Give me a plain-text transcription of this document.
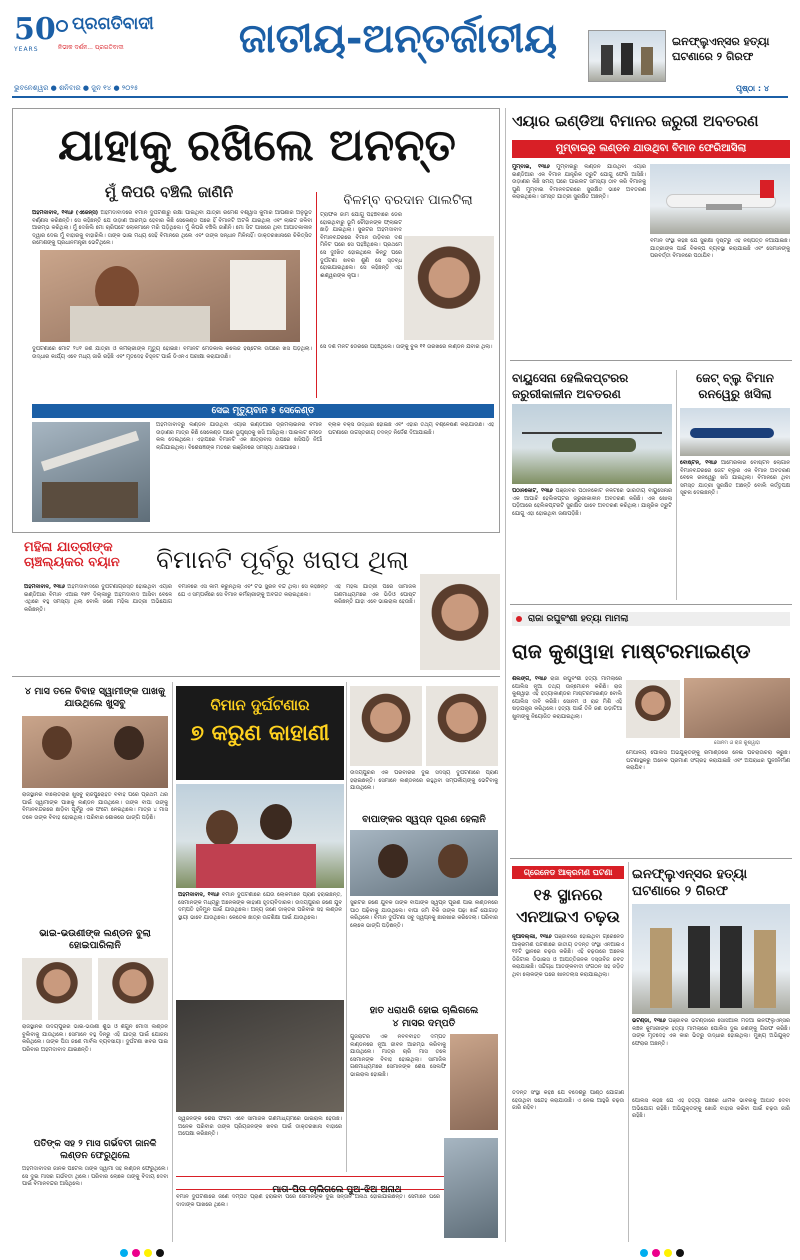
50
YEARS
ପ୍ରଗତିବାଦୀ
ନିଭୀକ ଦର୍ଶନ... ପ୍ରଗତିବାଦୀ	ଜାତୀୟ-ଅନ୍ତର୍ଜାତୀୟ	ଇନଫ୍ଲୁଏନ୍ସର ହତ୍ୟା ଘଟଣାରେ ୨ ଗିରଫ
ଭୁବନେଶ୍ୱର ● ଶନିବାର ● ଜୁନ ୧୪ ● ୨୦୨୫	ପୃଷ୍ଠା : ୪
ଯାହାକୁ ରଖିଲେ ଅନନ୍ତ
ମୁଁ କିପରି ବଞ୍ଚିଲି ଜାଣିନି
ଅହମଦାବାଦ, ୧୩ା୬ (ଏଜେନ୍ସି) ଅହମଦାବାଦରେ ବିମାନ ଦୁର୍ଘଟଣାରୁ ରକ୍ଷା ପାଇଥିବା ଯାତ୍ରୀ ରମେଶ ବିଶ୍ୱାସ କୁମାର ଆପଣାର ଅନୁଭୂତି ବର୍ଣ୍ଣନା କରିଛନ୍ତି। ସେ କହିଛନ୍ତି ଯେ ଉଡ଼ାଣ ଆରମ୍ଭ ହେବାର କିଛି ସେକେଣ୍ଡ ପରେ ହିଁ ବିମାନଟି ଅଟକି ଯାଇଥିଲା ଏବଂ ଲାଇଟ ଜଳିବା ଆରମ୍ଭ କରିଥିଲା। ମୁଁ ଦେଖିଲି ମୋ ଚାରିପଟେ ଲୋକମାନେ ମରି ପଡ଼ିଥିଲେ। ମୁଁ କିପରି ବଞ୍ଚିଲି ଜାଣିନି। ମୋ ସିଟ ପାଖରେ ଥିବା ଆପାତକାଳୀନ ଦ୍ୱାର ଦେଇ ମୁଁ ବାହାରକୁ ବାହାରିଲି। ତାଙ୍କ ଭାଇ ମଧ୍ୟ ସେହି ବିମାନରେ ଥିଲେ ଏବଂ ତାଙ୍କ ସନ୍ଧାନ ମିଳିନାହିଁ। ଡାକ୍ତରଖାନାରେ ଚିକିତ୍ସିତ ରମେଶଙ୍କୁ ପ୍ରଧାନମନ୍ତ୍ରୀ ଭେଟିଥିଲେ।
ଦୁର୍ଘଟଣାରେ ମୋଟ ୨୪୧ ଜଣ ଯାତ୍ରୀ ଓ କର୍ମଚାରୀଙ୍କ ମୃତ୍ୟୁ ହୋଇଛି। ବିମାନଟି ମେଡିକାଲ କଲେଜ ହଷ୍ଟେଲ ଉପରେ ଖସି ପଡ଼ିଥିଲା। ଉଦ୍ଧାର କାର୍ଯ୍ୟ ଏବେ ମଧ୍ୟ ଜାରି ରହିଛି ଏବଂ ମୃତଦେହ ଚିହ୍ନଟ ପାଇଁ ଡିଏନଏ ପରୀକ୍ଷା କରାଯାଉଛି।
ବିଳମ୍ବ ବରଦାନ ପାଲଟିଲା
ଟ୍ରାଫିକ ଜାମ ଯୋଗୁ ପହଞ୍ଚିବାରେ ଡେରି ହୋଇଥିବାରୁ ଭୂମି ଚୌହାନଙ୍କ ଫ୍ଲାଇଟ ଛାଡ଼ି ଯାଇଥିଲା। ସୁରଟର ଅହମଦାବାଦ ବିମାନବନ୍ଦରରେ ବିମାନ ଉଡ଼ିବାର ଦଶ ମିନିଟ ପରେ ସେ ପହଞ୍ଚିଥିଲେ। ପ୍ରଥମେ ସେ ଦୁଃଖିତ ହୋଇଥିଲେ କିନ୍ତୁ ପରେ ଦୁର୍ଘଟଣା ଖବର ଶୁଣି ସେ ସ୍ତବ୍ଧ ହୋଇଯାଇଥିଲେ। ସେ କହିଛନ୍ତି ଏହା ଈଶ୍ୱରଙ୍କ କୃପା।
ସେ ଦଶ ମିନିଟ ଡେରିରେ ପହଞ୍ଚିଥିଲେ। ତାଙ୍କୁ ବୁକ ୧୧ ତାରିଖରେ ଲଣ୍ଡନ ଯିବାର ଥିଲା।
ସେଇ ମୃତ୍ୟୁବାନ ୫ ସେକେଣ୍ଡ
ଅହମଦାବାଦରୁ ଲଣ୍ଡନ ଯାଉଥିବା ଏୟାର ଇଣ୍ଡିଆର ଡ୍ରିମଲାଇନର ବିମାନ ଉଡ଼ାଣର ମାତ୍ର କିଛି ସେକେଣ୍ଡ ପରେ ଭୂପୃଷ୍ଠକୁ ଖସି ଆସିଥିଲା। ପାଇଲଟ ମେଡେ କଲ ଦେଇଥିଲେ। ଏହାପରେ ବିମାନଟି ଏକ ଛାତ୍ରାବାସ ଉପରେ ଖସିପଡ଼ି ନିଆଁ ଲାଗିଯାଇଥିଲା। ବିଶେଷଜ୍ଞଙ୍କ ମତରେ ଇଞ୍ଜିନରେ ସମସ୍ୟା ଥାଇପାରେ।
ବ୍ଲାକ ବକ୍ସ ଉଦ୍ଧାର ହୋଇଛି ଏବଂ ଏହାର ତଥ୍ୟ ବିଶ୍ଳେଷଣ କରାଯାଉଛି। ଏହି ଘଟଣାରେ ଉଚ୍ଚସ୍ତରୀୟ ତଦନ୍ତ ନିର୍ଦ୍ଦେଶ ଦିଆଯାଇଛି।
ମହିଳା ଯାତ୍ରୀଙ୍କ
ଚାଞ୍ଚଲ୍ୟକର ବୟାନ	ବିମାନଟି ପୂର୍ବରୁ ଖରାପ ଥିଲା
ଅହମଦାବାଦ, ୧୩ା୬ ଅହମଦାବାଦରେ ଦୁର୍ଘଟଣାଗ୍ରସ୍ତ ହୋଇଥିବା ଏୟାର ଇଣ୍ଡିଆର ବିମାନ ଏଆଇ ୧୭୧ ଦିଲ୍ଲୀରୁ ଅହମଦାବାଦ ଆସିବା ବେଳେ ଏଥିରେ ବହୁ ସମସ୍ୟା ଥିଲା ବୋଲି ଜଣେ ମହିଳା ଯାତ୍ରୀ ଅଭିଯୋଗ କରିଛନ୍ତି।
ବିମାନରେ ଏସି କାମ କରୁନଥିଲା ଏବଂ ଟିଭି ସ୍କ୍ରିନ ବନ୍ଦ ଥିଲା। ସେ କହିଛନ୍ତି ଯେ ଏ ସମ୍ପର୍କରେ ସେ ବିମାନ କର୍ମଚାରୀଙ୍କୁ ଅବଗତ କରାଇଥିଲେ।
ଏହି ମହିଳା ଯାତ୍ରୀ ପରେ ସାମାଜିକ ଗଣମାଧ୍ୟମରେ ଏକ ଭିଡିଓ ପୋଷ୍ଟ କରିଛନ୍ତି ଯାହା ଏବେ ଭାଇରାଲ ହେଉଛି।
୪ ମାସ ତଳେ ବିବାହ ସ୍ୱାମୀଙ୍କ ପାଖକୁ ଯାଉଥିଲେ ଖୁସବୁ
ରାଜସ୍ଥାନର ବାଲୋତରାର ଖୁସବୁ ରାଜପୁରୋହିତ ବିବାହ ପରେ ପ୍ରଥମ ଥର ପାଇଁ ସ୍ୱାମୀଙ୍କ ପାଖକୁ ଲଣ୍ଡନ ଯାଉଥିଲେ। ତାଙ୍କ ବାପା ତାଙ୍କୁ ବିମାନବନ୍ଦରରେ ଛାଡ଼ିବା ପୂର୍ବରୁ ଏକ ଫଟୋ ନେଇଥିଲେ। ମାତ୍ର ୪ ମାସ ତଳେ ତାଙ୍କ ବିବାହ ହୋଇଥିଲା। ପରିବାର ଶୋକରେ ଭାଙ୍ଗି ପଡ଼ିଛି।
ଭାଇ-ଭଉଣୀଙ୍କ ଲଣ୍ଡନ ବୁଲା ହୋଇପାରିଲାନି
ରାଜସ୍ଥାନର ଉଦୟପୁରର ଭାଇ-ଭଉଣୀ ଶୁଭ ଓ ଶଗୁନ ମୋଦୀ ଲଣ୍ଡନ ବୁଲିବାକୁ ଯାଉଥିଲେ। ସେମାନେ ବହୁ ଦିନରୁ ଏହି ଯାତ୍ରା ପାଇଁ ଯୋଜନା କରିଥିଲେ। ତାଙ୍କ ପିତା ଜଣେ ମାର୍ବଲ ବ୍ୟବସାୟୀ। ଦୁର୍ଘଟଣା ଖବର ପାଇ ପରିବାର ଅହମଦାବାଦ ଯାଇଛନ୍ତି।
ପତିଙ୍କ ସହ ୨ ମାସ ଗର୍ଭବତୀ ଜାନକି ଲଣ୍ଡନ ଫେରୁଥିଲେ
ଅହମଦାବାଦର ଜାନକି ପଟେଲ ତାଙ୍କ ସ୍ୱାମୀ ସହ ଲଣ୍ଡନ ଫେରୁଥିଲେ। ସେ ଦୁଇ ମାସର ଗର୍ଭବତୀ ଥିଲେ। ପରିବାର ଲୋକେ ତାଙ୍କୁ ବିଦାୟ ଦେବା ପାଇଁ ବିମାନବନ୍ଦର ଆସିଥିଲେ।
ବିମାନ ଦୁର୍ଘଟଣାର
୭ କରୁଣ କାହାଣୀ
ଅହମଦାବାଦ, ୧୩ା୬ ବିମାନ ଦୁର୍ଘଟଣାରେ ଯେଉଁ ଲୋକମାନେ ପ୍ରାଣ ହରାଇଛନ୍ତି, ସେମାନଙ୍କ ମଧ୍ୟରୁ ଅନେକଙ୍କ କାହାଣୀ ହୃଦୟବିଦାରକ। ଉଦୟପୁରର ଜଣେ ଯୁବ ଦମ୍ପତି ହନିମୁନ ପାଇଁ ଯାଉଥିଲେ। ଅନ୍ୟ ଜଣେ ଡାକ୍ତର ପରିବାର ସହ ଲଣ୍ଡନ ସ୍ଥାୟୀ ଭାବେ ଯାଉଥିଲେ। କେତେକ ଛାତ୍ର ଉଚ୍ଚଶିକ୍ଷା ପାଇଁ ଯାଉଥିଲେ।
ସ୍ୱଜନଙ୍କ ଶେଷ ଫଟୋ ଏବେ ସାମାଜିକ ଗଣମାଧ୍ୟମରେ ଭାଇରାଲ ହେଉଛି। ଅନେକ ପରିବାର ତାଙ୍କ ପ୍ରିୟଜନଙ୍କ ଖବର ପାଇଁ ଡାକ୍ତରଖାନା ବାହାରେ ଅପେକ୍ଷା କରିଛନ୍ତି।
ଉଦୟପୁରର ଏକ ପରିବାରର ଦୁଇ ସଦସ୍ୟ ଦୁର୍ଘଟଣାରେ ପ୍ରାଣ ହରାଇଛନ୍ତି। ସେମାନେ ଲଣ୍ଡନରେ ରହୁଥିବା ସମ୍ପର୍କୀୟଙ୍କୁ ଭେଟିବାକୁ ଯାଉଥିଲେ।
ବାପାଙ୍କର ସ୍ୱପ୍ନ ପୂରଣ ହେଲାନି
ସୁରଟର ଜଣେ ଯୁବକ ତାଙ୍କ ବାପାଙ୍କ ସ୍ୱପ୍ନ ପୂରଣ ପାଇଁ ଲଣ୍ଡନରେ ପାଠ ପଢ଼ିବାକୁ ଯାଉଥିଲେ। ବାପା ଜମି ବିକି ତାଙ୍କ ପଢ଼ା ଖର୍ଚ୍ଚ ଯୋଗାଡ଼ କରିଥିଲେ। ବିମାନ ଦୁର୍ଘଟଣା ସବୁ ସ୍ୱପ୍ନକୁ ଛାରଖାର କରିଦେଲା। ପରିବାର ଲୋକେ ଭାଙ୍ଗି ପଡ଼ିଛନ୍ତି।
ହାତ ଧରାଧରି ହୋଇ ଚାଲିଗଲେ
୪ ମାସର ଦମ୍ପତି
ଗୁଜରାଟର ଏକ ନବବିବାହିତ ଦମ୍ପତି ଲଣ୍ଡନରେ ନୂଆ ଜୀବନ ଆରମ୍ଭ କରିବାକୁ ଯାଉଥିଲେ। ମାତ୍ର ଚାରି ମାସ ତଳେ ସେମାନଙ୍କ ବିବାହ ହୋଇଥିଲା। ସାମାଜିକ ଗଣମାଧ୍ୟମରେ ସେମାନଙ୍କ ଶେଷ ସେଲଫି ଭାଇରାଲ ହୋଇଛି।
ମାତା-ପିତା ଚାଲିଗଲେ ପୁଅ-ଝିଅ ଅନାଥ
ବିମାନ ଦୁର୍ଘଟଣାରେ ଜଣେ ଦମ୍ପତି ପ୍ରାଣ ହରାଇବା ପରେ ସେମାନଙ୍କ ଦୁଇ ସନ୍ତାନ ଅନାଥ ହୋଇଯାଇଛନ୍ତି। ସେମାନେ ଘରେ ଦାଦାଙ୍କ ପାଖରେ ଥିଲେ।
ଏୟାର ଇଣ୍ଡିଆ ବିମାନର ଜରୁରୀ ଅବତରଣ
ମୁମ୍ବାଇରୁ ଲଣ୍ଡନ ଯାଉଥିବା ବିମାନ ଫେରିଆସିଲା
ମୁମ୍ବାଇ, ୧୩ା୬ ମୁମ୍ବାଇରୁ ଲଣ୍ଡନ ଯାଉଥିବା ଏୟାର ଇଣ୍ଡିଆର ଏକ ବିମାନ ଯାନ୍ତ୍ରିକ ତ୍ରୁଟି ଯୋଗୁ ଫେରି ଆସିଛି। ଉଡ଼ାଣର କିଛି ସମୟ ପରେ ପାଇଲଟ ସମସ୍ୟା ଠାବ କରି ବିମାନକୁ ପୁଣି ମୁମ୍ବାଇ ବିମାନବନ୍ଦରରେ ସୁରକ୍ଷିତ ଭାବେ ଅବତରଣ କରାଇଥିଲେ। ସମସ୍ତ ଯାତ୍ରୀ ସୁରକ୍ଷିତ ଅଛନ୍ତି।
ବିମାନ ସଂସ୍ଥା କହିଛି ଯେ ସୁରକ୍ଷା ଦୃଷ୍ଟିରୁ ଏହି ନିଷ୍ପତ୍ତି ନିଆଯାଇଛି। ଯାତ୍ରୀଙ୍କ ପାଇଁ ବିକଳ୍ପ ବ୍ୟବସ୍ଥା କରାଯାଇଛି ଏବଂ ସେମାନଙ୍କୁ ପରବର୍ତ୍ତୀ ବିମାନରେ ପଠାଯିବ।
ବାୟୁସେନା ହେଲିକପ୍ଟରର ଜରୁରୀକାଳୀନ ଅବତରଣ
ପଠାନକୋଟ, ୧୩ା୬ ପଞ୍ଜାବର ପଠାନକୋଟ ନିକଟରେ ଭାରତୀୟ ବାୟୁସେନାର ଏକ ଆପାଚି ହେଲିକପ୍ଟର ଜରୁରୀକାଳୀନ ଅବତରଣ କରିଛି। ଏକ ଖୋଲା ପଡ଼ିଆରେ ହେଲିକପ୍ଟରଟି ସୁରକ୍ଷିତ ଭାବେ ଅବତରଣ କରିଥିଲା। ଯାନ୍ତ୍ରିକ ତ୍ରୁଟି ଯୋଗୁ ଏହା ହୋଇଥିବା ଜଣାପଡ଼ିଛି।
ଜେଟ୍ ବ୍ଲୁ ବିମାନ ରନୱେରୁ ଖସିଲା
ବୋଷ୍ଟନ, ୧୩ା୬ ଆମେରିକାର ବୋଷ୍ଟନ ଲୋଗାନ ବିମାନବନ୍ଦରରେ ଜେଟ ବ୍ଲୁର ଏକ ବିମାନ ଅବତରଣ ବେଳେ ରନୱେରୁ ଖସି ଯାଇଥିଲା। ବିମାନରେ ଥିବା ସମସ୍ତ ଯାତ୍ରୀ ସୁରକ୍ଷିତ ଅଛନ୍ତି ବୋଲି କର୍ତ୍ତୃପକ୍ଷ ସୂଚନା ଦେଇଛନ୍ତି।
ରାଜା ରଘୁବଂଶୀ ହତ୍ୟା ମାମଲା
ରାଜ କୁଶୱାହା ମାଷ୍ଟରମାଇଣ୍ଡ
ଶିଲଙ୍ଗ, ୧୩ା୬ ରାଜା ରଘୁବଂଶୀ ହତ୍ୟା ମାମଲାରେ ପୋଲିସ ନୂଆ ତଥ୍ୟ ଉନ୍ମୋଚନ କରିଛି। ରାଜ କୁଶୱାହା ଏହି ହତ୍ୟାକାଣ୍ଡର ମାଷ୍ଟରମାଇଣ୍ଡ ବୋଲି ପୋଲିସ ଦାବି କରିଛି। ସୋନମ ଓ ରାଜ ମିଶି ଏହି ଷଡ଼ଯନ୍ତ୍ର କରିଥିଲେ। ହତ୍ୟା ପାଇଁ ତିନି ଜଣ ଭଡ଼ାଟିଆ ଖୁନୀଙ୍କୁ ନିୟୋଜିତ କରାଯାଇଥିଲା।
ସୋନମ ଓ ରାଜ କୁଶୱାହା
ମେଘାଳୟ ପୋଲିସ ଅଭିଯୁକ୍ତଙ୍କୁ ରିମାଣ୍ଡରେ ନେଇ ପଚରାଉଚରା କରୁଛି। ଘଟଣାସ୍ଥଳରୁ ଅନେକ ପ୍ରମାଣ ସଂଗ୍ରହ କରାଯାଇଛି ଏବଂ ଅପରାଧର ପୁନଃନିର୍ମାଣ କରାଯିବ।
ଗ୍ରେନେଡ ଆକ୍ରମଣ ଘଟଣା
୧୫ ସ୍ଥାନରେ
ଏନଆଇଏ ଚଢ଼ଉ
ନୂଆଦିଲ୍ଲୀ, ୧୩ା୬ ପଞ୍ଜାବରେ ହୋଇଥିବା ଗ୍ରେନେଡ ଆକ୍ରମଣ ଘଟଣାରେ ଜାତୀୟ ତଦନ୍ତ ସଂସ୍ଥା ଏନଆଇଏ ୧୫ଟି ସ୍ଥାନରେ ଚଢ଼ଉ କରିଛି। ଏହି ଚଢ଼ଉରେ ଅନେକ ଡିଜିଟାଲ ଡିଭାଇସ ଓ ଆପତ୍ତିଜନକ ଦସ୍ତାବିଜ ଜବତ କରାଯାଇଛି। ସନ୍ଦିଗ୍ଧ ଆତଙ୍କବାଦୀ ସଂଗଠନ ସହ ଜଡ଼ିତ ଥିବା ଲୋକଙ୍କ ଘରେ ଖାନତଲାସ କରାଯାଇଥିଲା।
ତଦନ୍ତ ସଂସ୍ଥା କହିଛି ଯେ ବିଦେଶରୁ ପାଣ୍ଠି ଯୋଗାଣ ହେଉଥିବା ସନ୍ଦେହ କରାଯାଉଛି। ଏ ନେଇ ଆହୁରି ଚଢ଼ଉ ଜାରି ରହିବ।
ଇନଫ୍ଲୁଏନ୍ସର ହତ୍ୟା ଘଟଣାରେ ୨ ଗିରଫ
ଭଟିଣ୍ଡା, ୧୩ା୬ ପଞ୍ଜାବର ଭଟିଣ୍ଡାରେ ସୋସିଆଲ ମିଡିଆ ଇନଫ୍ଲୁଏନ୍ସର କଞ୍ଚନ କୁମାରୀଙ୍କ ହତ୍ୟା ମାମଲାରେ ପୋଲିସ ଦୁଇ ଜଣଙ୍କୁ ଗିରଫ କରିଛି। ତାଙ୍କ ମୃତଦେହ ଏକ କାର ଭିତରୁ ଉଦ୍ଧାର ହୋଇଥିଲା। ମୁଖ୍ୟ ଅଭିଯୁକ୍ତ ଫେରାର ଅଛନ୍ତି।
ପୋଲିସ କହିଛି ଯେ ଏହି ହତ୍ୟା ପଛରେ ଧାର୍ମିକ ଭାବନାକୁ ଆଘାତ ଦେବା ଅଭିଯୋଗ ରହିଛି। ଅଭିଯୁକ୍ତଙ୍କୁ ଖୋଜି ବାହାର କରିବା ପାଇଁ ଚଢ଼ଉ ଜାରି ରହିଛି।
